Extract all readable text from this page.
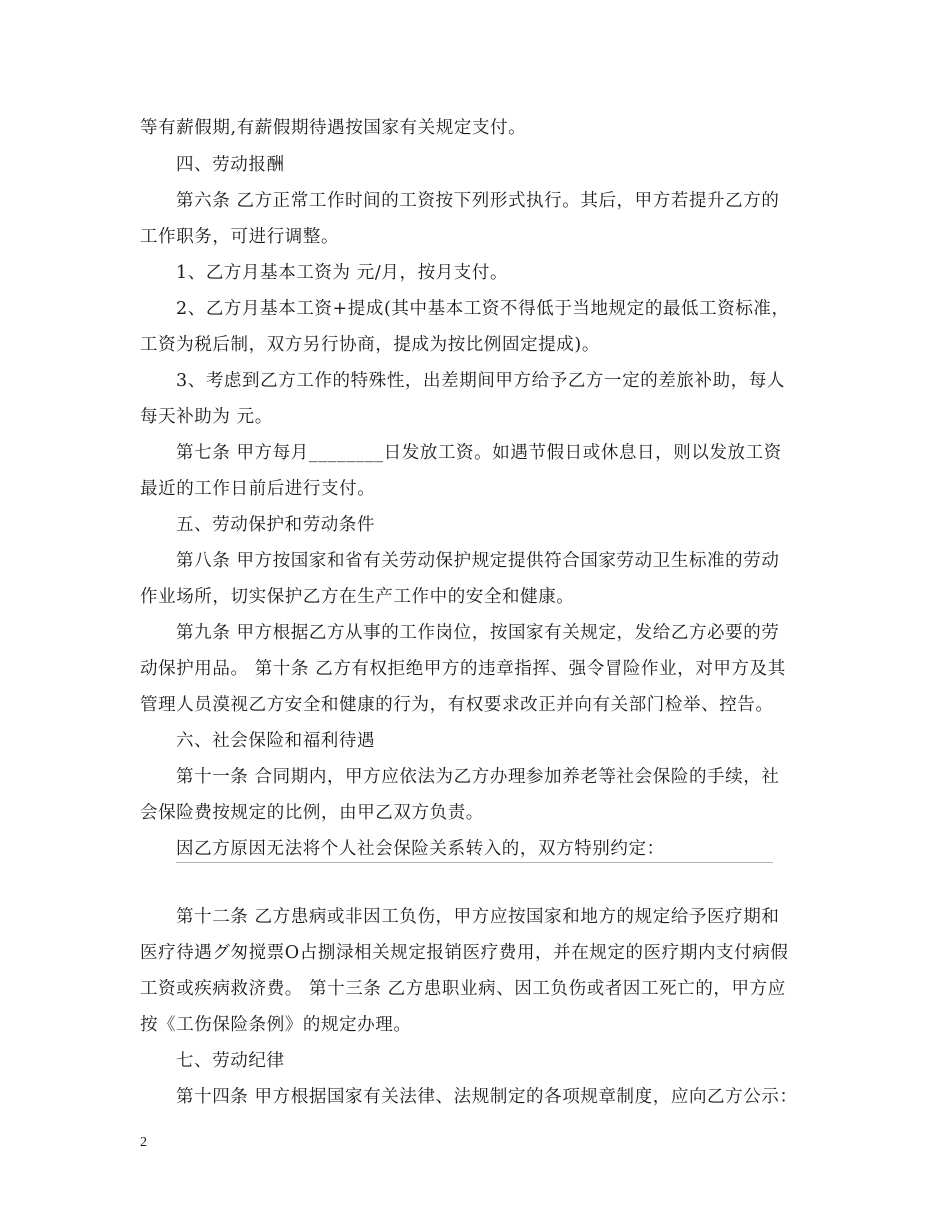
等有薪假期,有薪假期待遇按国家有关规定支付。
四、劳动报酬
第六条 乙方正常工作时间的工资按下列形式执行。其后，甲方若提升乙方的
工作职务，可进行调整。
1、乙方月基本工资为 元/月，按月支付。
2、乙方月基本工资+提成(其中基本工资不得低于当地规定的最低工资标准，
工资为税后制，双方另行协商，提成为按比例固定提成)。
3、考虑到乙方工作的特殊性，出差期间甲方给予乙方一定的差旅补助，每人
每天补助为 元。
第七条 甲方每月________日发放工资。如遇节假日或休息日，则以发放工资
最近的工作日前后进行支付。
五、劳动保护和劳动条件
第八条 甲方按国家和省有关劳动保护规定提供符合国家劳动卫生标准的劳动
作业场所，切实保护乙方在生产工作中的安全和健康。
第九条 甲方根据乙方从事的工作岗位，按国家有关规定，发给乙方必要的劳
动保护用品。 第十条 乙方有权拒绝甲方的违章指挥、强令冒险作业，对甲方及其
管理人员漠视乙方安全和健康的行为，有权要求改正并向有关部门检举、控告。
六、社会保险和福利待遇
第十一条 合同期内，甲方应依法为乙方办理参加养老等社会保险的手续，社
会保险费按规定的比例，由甲乙双方负责。
因乙方原因无法将个人社会保险关系转入的，双方特别约定：
第十二条 乙方患病或非因工负伤，甲方应按国家和地方的规定给予医疗期和
医疗待遇グ匆搅票О占捌渌相关规定报销医疗费用，并在规定的医疗期内支付病假
工资或疾病救济费。 第十三条 乙方患职业病、因工负伤或者因工死亡的，甲方应
按《工伤保险条例》的规定办理。
七、劳动纪律
第十四条 甲方根据国家有关法律、法规制定的各项规章制度，应向乙方公示：
2
